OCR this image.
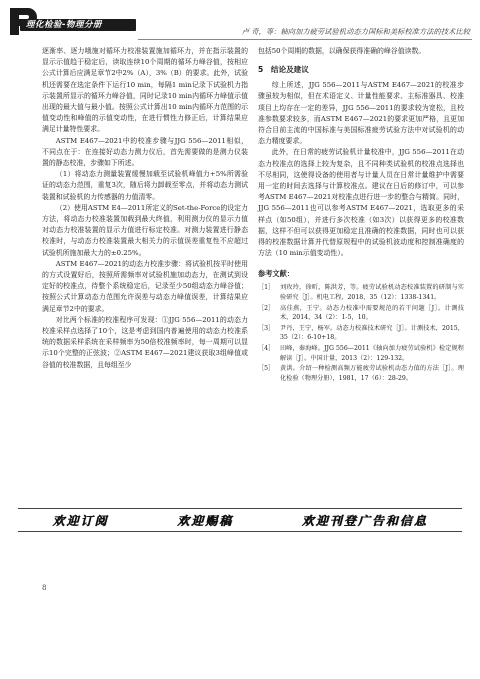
理化检验-物理分册
卢 奇，等：轴向加力疲劳试验机动态力国标和美标校准方法的技术比较

逐渐率、逐力哦施对循环力校准装置施加循环力，并在指示装置的显示示值趋于稳定后，读取连续10个周期的循环力峰谷值，按相应公式计算后应满足章节2中2%（A），3%（B）的要求。此外，试验机还需要在选定条件下运行10 min，每隔1 min记录下试验机力指示装置所显示的循环力峰谷值，同时记录10 min内循环力峰值示值出现的最大值与最小值。按照公式计算出10 min内循环力范围的示值变动性和峰值的示值变动性，在进行惯性力修正后，计算结果应满足计量特性要求。

ASTM E467—2021中的校准步骤与JJG 556—2011相似，不同点在于：在连接好动态力测力仪后，首先需要做的是测力仪装置的静态校准，步骤如下所述。

（1）将动态力测量装置缓慢加载至试验机峰值力+5%所需验证的动态力范围，重复3次，随后将力卸载至零点，并将动态力测试装置和试验机的力传感器的力值清零。

（2）使用ASTM E4—2011所定义的Set-the-Force的设定力方法，将动态力校准装置加载到最大终值，利用测力仪的显示力值对动态力校准装置的显示力值进行标定校准。对测力装置进行静态校准时，与动态力校准装置最大相关力的示值误差重复性不应超过试验机所施加最大力的±0.25%。

ASTM E467—2021的动态力校准步骤：将试验机按平时使用的方式设置好后，按照所需频率对试验机施加动态力，在测试到设定好的校准点，待整个系统稳定后，记录至少50组动态力峰谷值；按照公式计算动态力范围允许误差与动态力峰值误差，计算结果应满足章节2中的要求。

对比两个标准的校准程序可发现：①JJG 556—2011的动态力校准采样点选择了10个，这是考虑到国内普遍使用的动态力校准系统的数据采样系统在采样频率为50倍校准频率时，每一周期可以显示10个完整的正弦波；②ASTM E467—2021建议获取3组峰值或谷值的校准数据，且每组至少

包括50个周期的数据，以确保获得准确的峰谷值读数。

5　结论及建议

综上所述，JJG 556—2011与ASTM E467—2021的校准步骤虽较为相似，但在术语定义、计量性能要求、主标准器具、校准项目上均存在一定的差异，JJG 556—2011的要求较为宽松，且校准参数要求较多，而ASTM E467—2021的要求更加严格，且更加符合目前主流的中国标准与美国标准疲劳试验方法中对试验机的动态力精度要求。

此外，在日常的疲劳试验机计量校准中，JJG 556—2011在动态力校准点的选择上较为复杂，且不同种类试验机的校准点选择也不尽相同，这使得设备的使用者与计量人员在日常计量维护中需要用一定的时间去选择与计算校准点。建议在日后的修订中，可以参考ASTM E467—2021对校准点进行进一步的整合与精简。同时，JJG 556—2011也可以参考ASTM E467—2021，选取更多的采样点（如50组），并进行多次校准（如3次）以获得更多的校准数据，这样不但可以获得更加稳定且准确的校准数据，同时也可以获得的校准数据计算并代替原规程中的试验机波动度和控制准确度的方法（10 min示值变动性）。

参考文献：
［1］ 刘玫玲，徐昕，陈洪芳，等。疲劳试验机动态校准装置的研制与实验研究［J］。机电工程，2018，35（12）：1338-1341。
［2］ 高佳燕，王宁。动态力校准中需要规范的若干问题［J］。计测技术，2014，34（2）：1-5，10。
［3］ 尹丹，王宁，杨军。动态力校准技术研究［J］。计测技术，2015，35（2）：6-10+18。
［4］ 田峰，秦海峰。JJG 556—2011《轴向加力疲劳试验机》检定规程解读［J］。中国计量，2013（2）：129-132。
［5］ 黄洪。介绍一种检测高频万能疲劳试验机动态力值的方法［J］。理化检验（物理分册），1981，17（6）：28-29。
欢迎订阅	欢迎赐稿	欢迎刊登广告和信息
8
